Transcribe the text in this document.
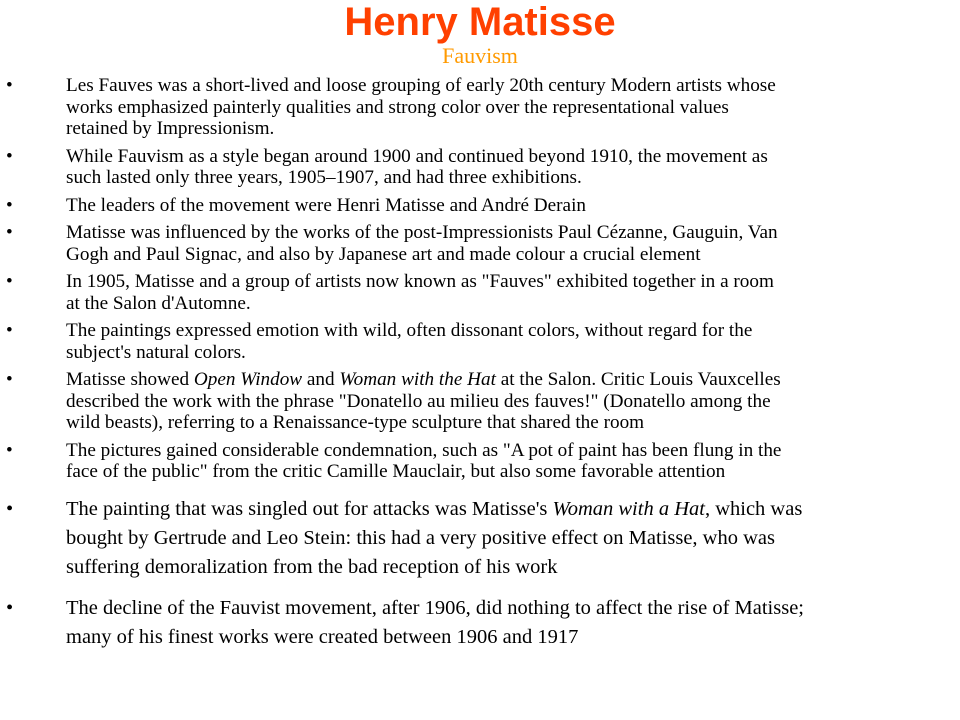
Henry Matisse
Fauvism
•	Les Fauves was a short-lived and loose grouping of early 20th century Modern artists whose
works emphasized painterly qualities and strong color over the representational values
retained by Impressionism.
•	While Fauvism as a style began around 1900 and continued beyond 1910, the movement as
such lasted only three years, 1905–1907, and had three exhibitions.
•	The leaders of the movement were Henri Matisse and André Derain
•	Matisse was influenced by the works of the post-Impressionists Paul Cézanne, Gauguin, Van
Gogh and Paul Signac, and also by Japanese art and made colour a crucial element
•	In 1905, Matisse and a group of artists now known as "Fauves" exhibited together in a room
at the Salon d'Automne.
•	The paintings expressed emotion with wild, often dissonant colors, without regard for the
subject's natural colors.
•	Matisse showed Open Window and Woman with the Hat at the Salon. Critic Louis Vauxcelles
described the work with the phrase "Donatello au milieu des fauves!" (Donatello among the
wild beasts), referring to a Renaissance-type sculpture that shared the room
•	The pictures gained considerable condemnation, such as "A pot of paint has been flung in the
face of the public" from the critic Camille Mauclair, but also some favorable attention
•	The painting that was singled out for attacks was Matisse's Woman with a Hat, which was
bought by Gertrude and Leo Stein: this had a very positive effect on Matisse, who was
suffering demoralization from the bad reception of his work
•	The decline of the Fauvist movement, after 1906, did nothing to affect the rise of Matisse;
many of his finest works were created between 1906 and 1917
